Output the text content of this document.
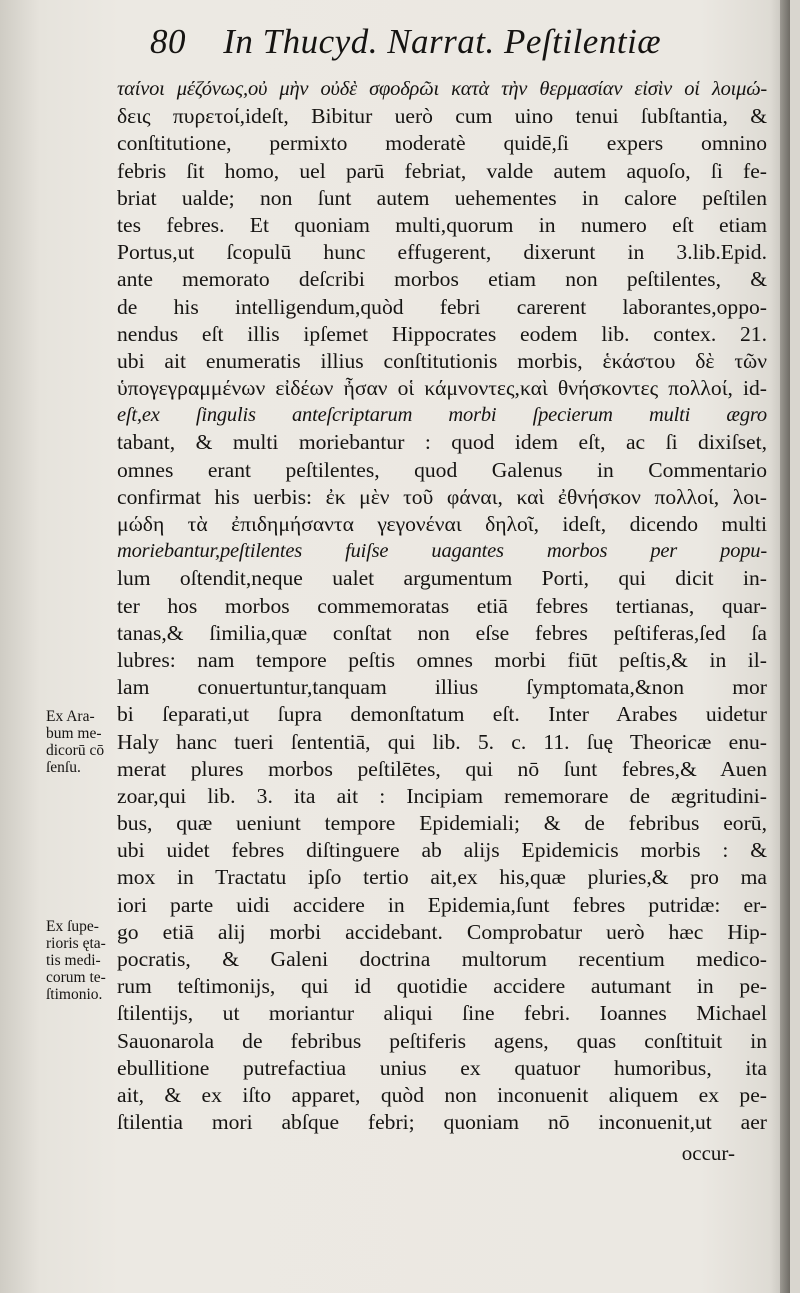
80 In Thucyd. Narrat. Peſtilentiæ
ταίνοι μέζόνως,οὐ μὴν οὐδὲ σφοδρῶι κατὰ τὴν θερμασίαν εἰσὶν οἱ λοιμώ-
δεις πυρετοί,ideſt, Bibitur uerò cum uino tenui ſubſtantia, &
conſtitutione, permixto moderatè quidē,ſi expers omnino
febris ſit homo, uel parū febriat, valde autem aquoſo, ſi fe-
briat ualde; non ſunt autem uehementes in calore peſtilen
tes febres. Et quoniam multi,quorum in numero eſt etiam
Portus,ut ſcopulū hunc effugerent, dixerunt in 3.lib.Epid.
ante memorato deſcribi morbos etiam non peſtilentes, &
de his intelligendum,quòd febri carerent laborantes,oppo-
nendus eſt illis ipſemet Hippocrates eodem lib. contex. 21.
ubi ait enumeratis illius conſtitutionis morbis, ἑκάστου δὲ τῶν
ὑπογεγραμμένων εἰδέων ἦσαν οἱ κάμνοντες,καὶ θνήσκοντες πολλοί, id-
eſt,ex ſingulis anteſcriptarum morbi ſpecierum multi ægro
tabant, & multi moriebantur : quod idem eſt, ac ſi dixiſset,
omnes erant peſtilentes, quod Galenus in Commentario
confirmat his uerbis: ἐκ μὲν τοῦ φάναι, καὶ ἐθνήσκον πολλοί, λοι-
μώδη τὰ ἐπιδημήσαντα γεγονέναι δηλοῖ, ideſt, dicendo multi
moriebantur,peſtilentes fuiſse uagantes morbos per popu-
lum oſtendit,neque ualet argumentum Porti, qui dicit in-
ter hos morbos commemoratas etiā febres tertianas, quar-
tanas,& ſimilia,quæ conſtat non eſse febres peſtiferas,ſed ſa
lubres: nam tempore peſtis omnes morbi fiūt peſtis,& in il-
lam conuertuntur,tanquam illius ſymptomata,&non mor
bi ſeparati,ut ſupra demonſtatum eſt. Inter Arabes uidetur
Haly hanc tueri ſententiā, qui lib. 5. c. 11. ſuę Theoricæ enu-
merat plures morbos peſtilētes, qui nō ſunt febres,& Auen
zoar,qui lib. 3. ita ait : Incipiam rememorare de ægritudini-
bus, quæ ueniunt tempore Epidemiali; & de febribus eorū,
ubi uidet febres diſtinguere ab alijs Epidemicis morbis : &
mox in Tractatu ipſo tertio ait,ex his,quæ pluries,& pro ma
iori parte uidi accidere in Epidemia,ſunt febres putridæ: er-
go etiā alij morbi accidebant. Comprobatur uerò hæc Hip-
pocratis, & Galeni doctrina multorum recentium medico-
rum teſtimonijs, qui id quotidie accidere autumant in pe-
ſtilentijs, ut moriantur aliqui ſine febri. Ioannes Michael
Sauonarola de febribus peſtiferis agens, quas conſtituit in
ebullitione putrefactiua unius ex quatuor humoribus, ita
ait, & ex iſto apparet, quòd non inconuenit aliquem ex pe-
ſtilentia mori abſque febri; quoniam nō inconuenit,ut aer
occur-
Ex Ara-
bum me-
dicorū cō
ſenſu.
Ex ſupe-
rioris ęta-
tis medi-
corum te-
ſtimonio.
